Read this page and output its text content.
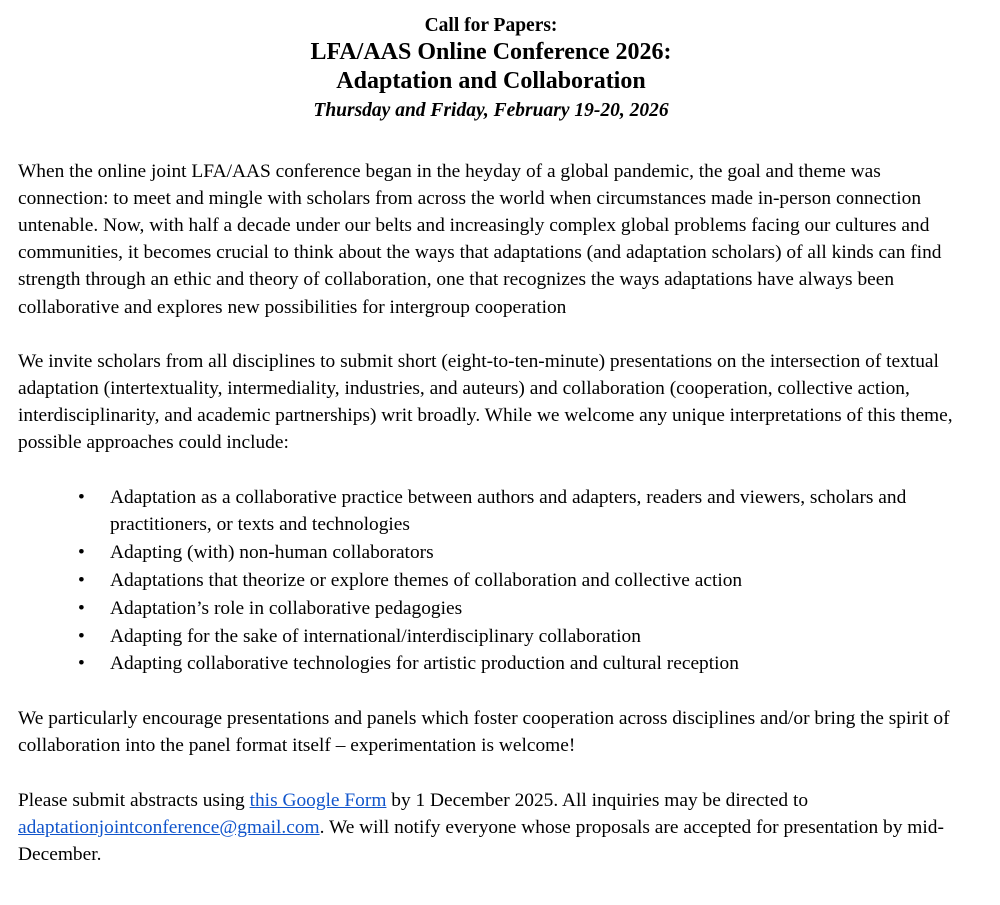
Call for Papers:
LFA/AAS Online Conference 2026:
Adaptation and Collaboration
Thursday and Friday, February 19-20, 2026

When the online joint LFA/AAS conference began in the heyday of a global pandemic, the goal and theme was connection: to meet and mingle with scholars from across the world when circumstances made in-person connection untenable. Now, with half a decade under our belts and increasingly complex global problems facing our cultures and communities, it becomes crucial to think about the ways that adaptations (and adaptation scholars) of all kinds can find strength through an ethic and theory of collaboration, one that recognizes the ways adaptations have always been collaborative and explores new possibilities for intergroup cooperation

We invite scholars from all disciplines to submit short (eight-to-ten-minute) presentations on the intersection of textual adaptation (intertextuality, intermediality, industries, and auteurs) and collaboration (cooperation, collective action, interdisciplinarity, and academic partnerships) writ broadly. While we welcome any unique interpretations of this theme, possible approaches could include:

• Adaptation as a collaborative practice between authors and adapters, readers and viewers, scholars and practitioners, or texts and technologies
• Adapting (with) non-human collaborators
• Adaptations that theorize or explore themes of collaboration and collective action
• Adaptation’s role in collaborative pedagogies
• Adapting for the sake of international/interdisciplinary collaboration
• Adapting collaborative technologies for artistic production and cultural reception

We particularly encourage presentations and panels which foster cooperation across disciplines and/or bring the spirit of collaboration into the panel format itself – experimentation is welcome!

Please submit abstracts using this Google Form by 1 December 2025. All inquiries may be directed to adaptationjointconference@gmail.com. We will notify everyone whose proposals are accepted for presentation by mid-December.
